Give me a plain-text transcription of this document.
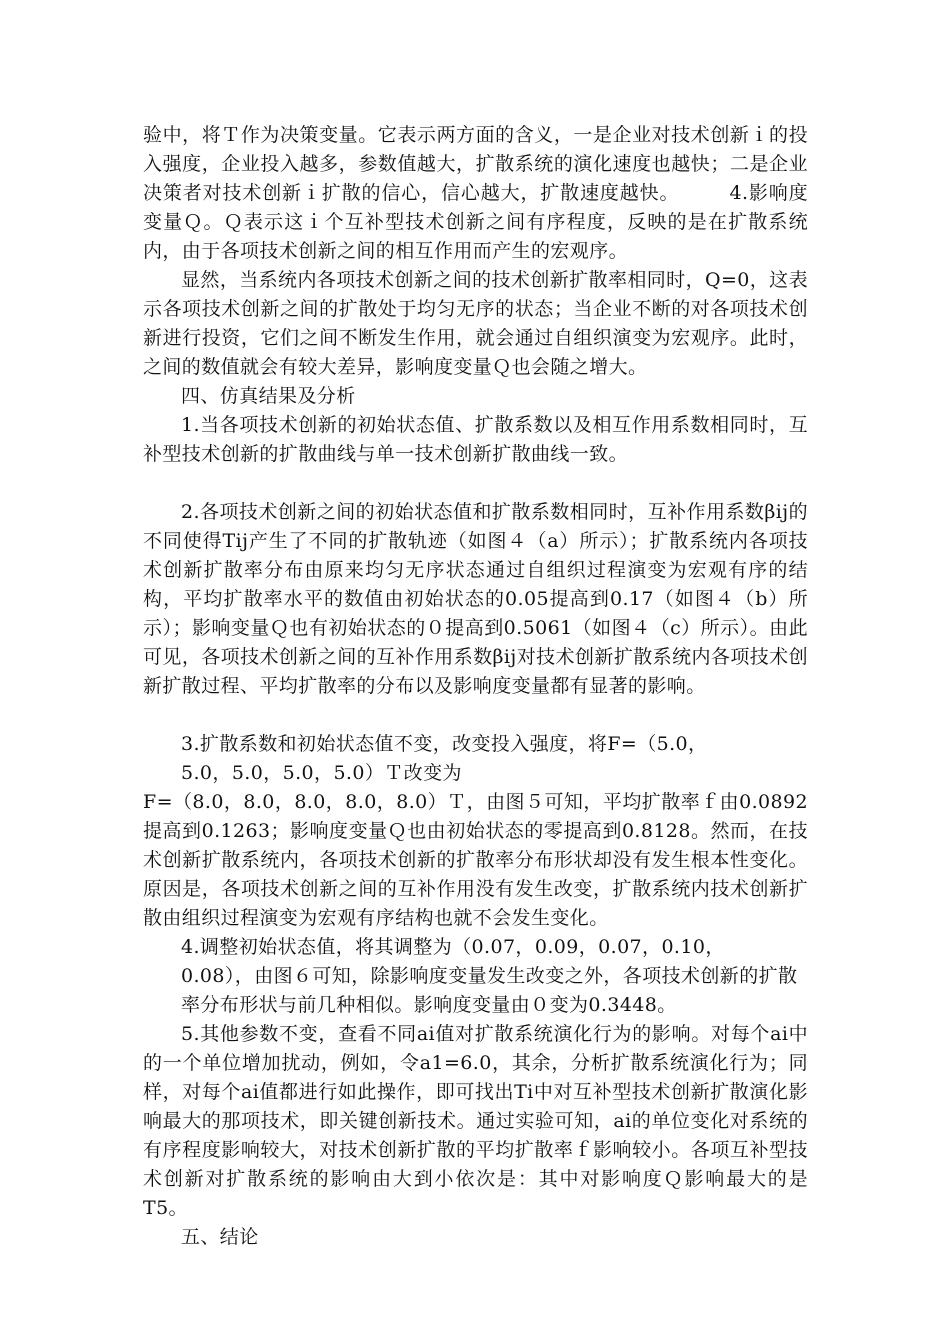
验中，将Ｔ作为决策变量。它表示两方面的含义，一是企业对技术创新ｉ的投入强度，企业投入越多，参数值越大，扩散系统的演化速度也越快；二是企业决策者对技术创新ｉ扩散的信心，信心越大，扩散速度越快。　　　4.影响度变量Ｑ。Ｑ表示这ｉ个互补型技术创新之间有序程度，反映的是在扩散系统内，由于各项技术创新之间的相互作用而产生的宏观序。

显然，当系统内各项技术创新之间的技术创新扩散率相同时，Q=0，这表示各项技术创新之间的扩散处于均匀无序的状态；当企业不断的对各项技术创新进行投资，它们之间不断发生作用，就会通过自组织演变为宏观序。此时，之间的数值就会有较大差异，影响度变量Ｑ也会随之增大。

四、仿真结果及分析

1.当各项技术创新的初始状态值、扩散系数以及相互作用系数相同时，互补型技术创新的扩散曲线与单一技术创新扩散曲线一致。

2.各项技术创新之间的初始状态值和扩散系数相同时，互补作用系数βij的不同使得Tij产生了不同的扩散轨迹（如图４（a）所示）；扩散系统内各项技术创新扩散率分布由原来均匀无序状态通过自组织过程演变为宏观有序的结构，平均扩散率水平的数值由初始状态的0.05提高到0.17（如图４（b）所示）；影响变量Ｑ也有初始状态的０提高到0.5061（如图４（c）所示）。由此可见，各项技术创新之间的互补作用系数βij对技术创新扩散系统内各项技术创新扩散过程、平均扩散率的分布以及影响度变量都有显著的影响。

3.扩散系数和初始状态值不变，改变投入强度，将F=（5.0，

5.0，5.0，5.0，5.0）Ｔ改变为

F=（8.0，8.0，8.0，8.0，8.0）Ｔ，由图５可知，平均扩散率ｆ由0.0892提高到0.1263；影响度变量Ｑ也由初始状态的零提高到0.8128。然而，在技术创新扩散系统内，各项技术创新的扩散率分布形状却没有发生根本性变化。原因是，各项技术创新之间的互补作用没有发生改变，扩散系统内技术创新扩散由组织过程演变为宏观有序结构也就不会发生变化。

4.调整初始状态值，将其调整为（0.07，0.09，0.07，0.10，

0.08），由图６可知，除影响度变量发生改变之外，各项技术创新的扩散率分布形状与前几种相似。影响度变量由０变为0.3448。

5.其他参数不变，查看不同ai值对扩散系统演化行为的影响。对每个ai中的一个单位增加扰动，例如，令a1=6.0，其余，分析扩散系统演化行为；同样，对每个ai值都进行如此操作，即可找出Ti中对互补型技术创新扩散演化影响最大的那项技术，即关键创新技术。通过实验可知，ai的单位变化对系统的有序程度影响较大，对技术创新扩散的平均扩散率ｆ影响较小。各项互补型技术创新对扩散系统的影响由大到小依次是：其中对影响度Ｑ影响最大的是T5。

五、结论
